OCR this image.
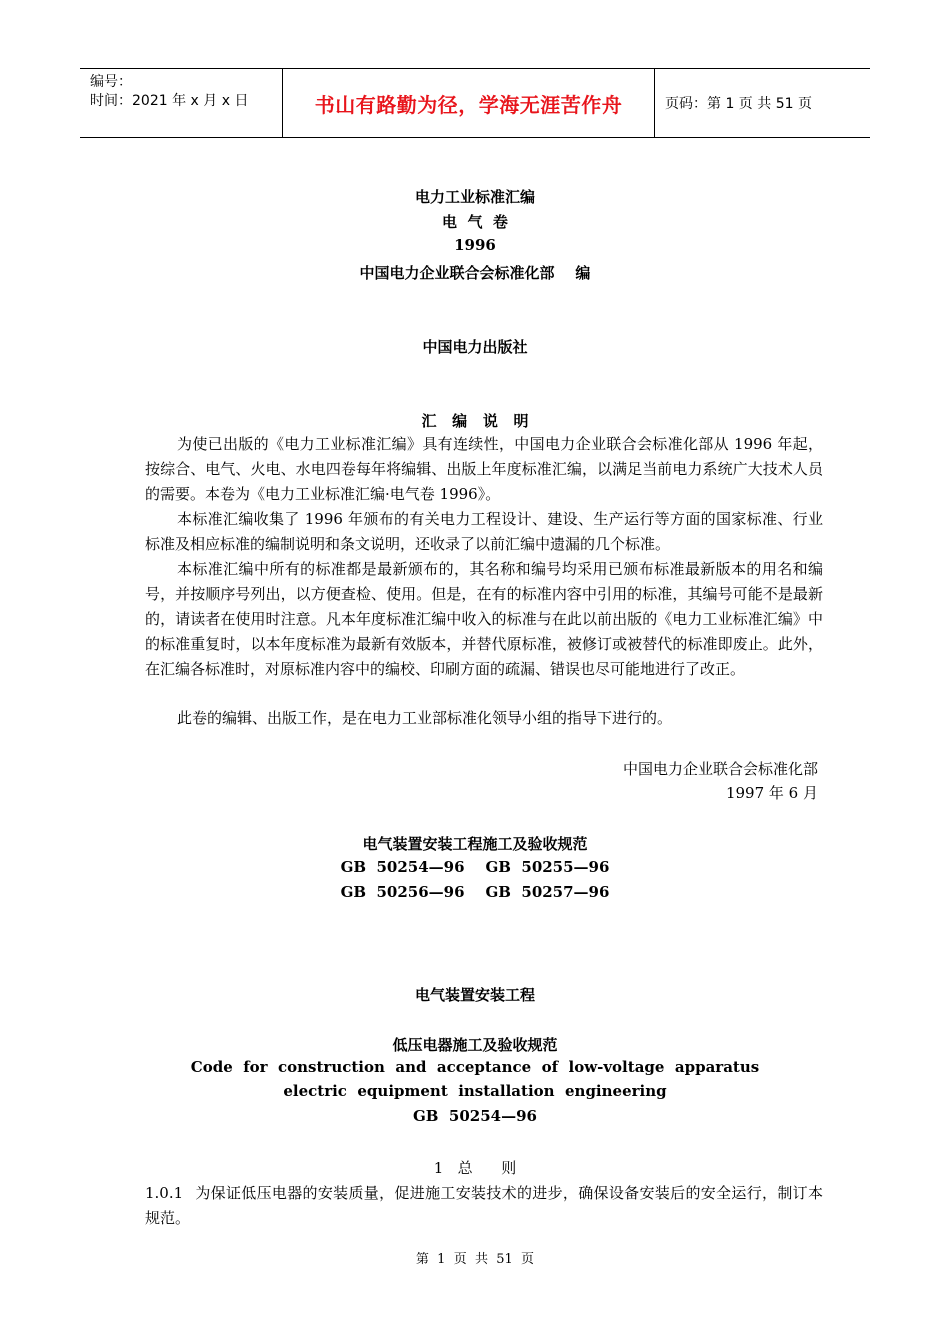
编号：
时间：2021 年 x 月 x 日	书山有路勤为径，学海无涯苦作舟	页码：第 1 页 共 51 页
电力工业标准汇编
电  气  卷
1996
中国电力企业联合会标准化部    编
中国电力出版社
汇   编   说   明
为使已出版的《电力工业标准汇编》具有连续性，中国电力企业联合会标准化部从 1996 年起，按综合、电气、火电、水电四卷每年将编辑、出版上年度标准汇编，以满足当前电力系统广大技术人员的需要。本卷为《电力工业标准汇编·电气卷 1996》。
本标准汇编收集了 1996 年颁布的有关电力工程设计、建设、生产运行等方面的国家标准、行业标准及相应标准的编制说明和条文说明，还收录了以前汇编中遗漏的几个标准。
本标准汇编中所有的标准都是最新颁布的，其名称和编号均采用已颁布标准最新版本的用名和编号，并按顺序号列出，以方便查检、使用。但是，在有的标准内容中引用的标准，其编号可能不是最新的，请读者在使用时注意。凡本年度标准汇编中收入的标准与在此以前出版的《电力工业标准汇编》中的标准重复时，以本年度标准为最新有效版本，并替代原标准，被修订或被替代的标准即废止。此外，在汇编各标准时，对原标准内容中的编校、印刷方面的疏漏、错误也尽可能地进行了改正。
此卷的编辑、出版工作，是在电力工业部标准化领导小组的指导下进行的。
中国电力企业联合会标准化部
1997 年 6 月
电气装置安装工程施工及验收规范
GB  50254—96    GB  50255—96
GB  50256—96    GB  50257—96
电气装置安装工程
低压电器施工及验收规范
Code  for  construction  and  acceptance  of  low-voltage  apparatus
electric  equipment  installation  engineering
GB  50254—96
1   总      则
1.0.1 为保证低压电器的安装质量，促进施工安装技术的进步，确保设备安装后的安全运行，制订本规范。
第  1  页  共  51  页
